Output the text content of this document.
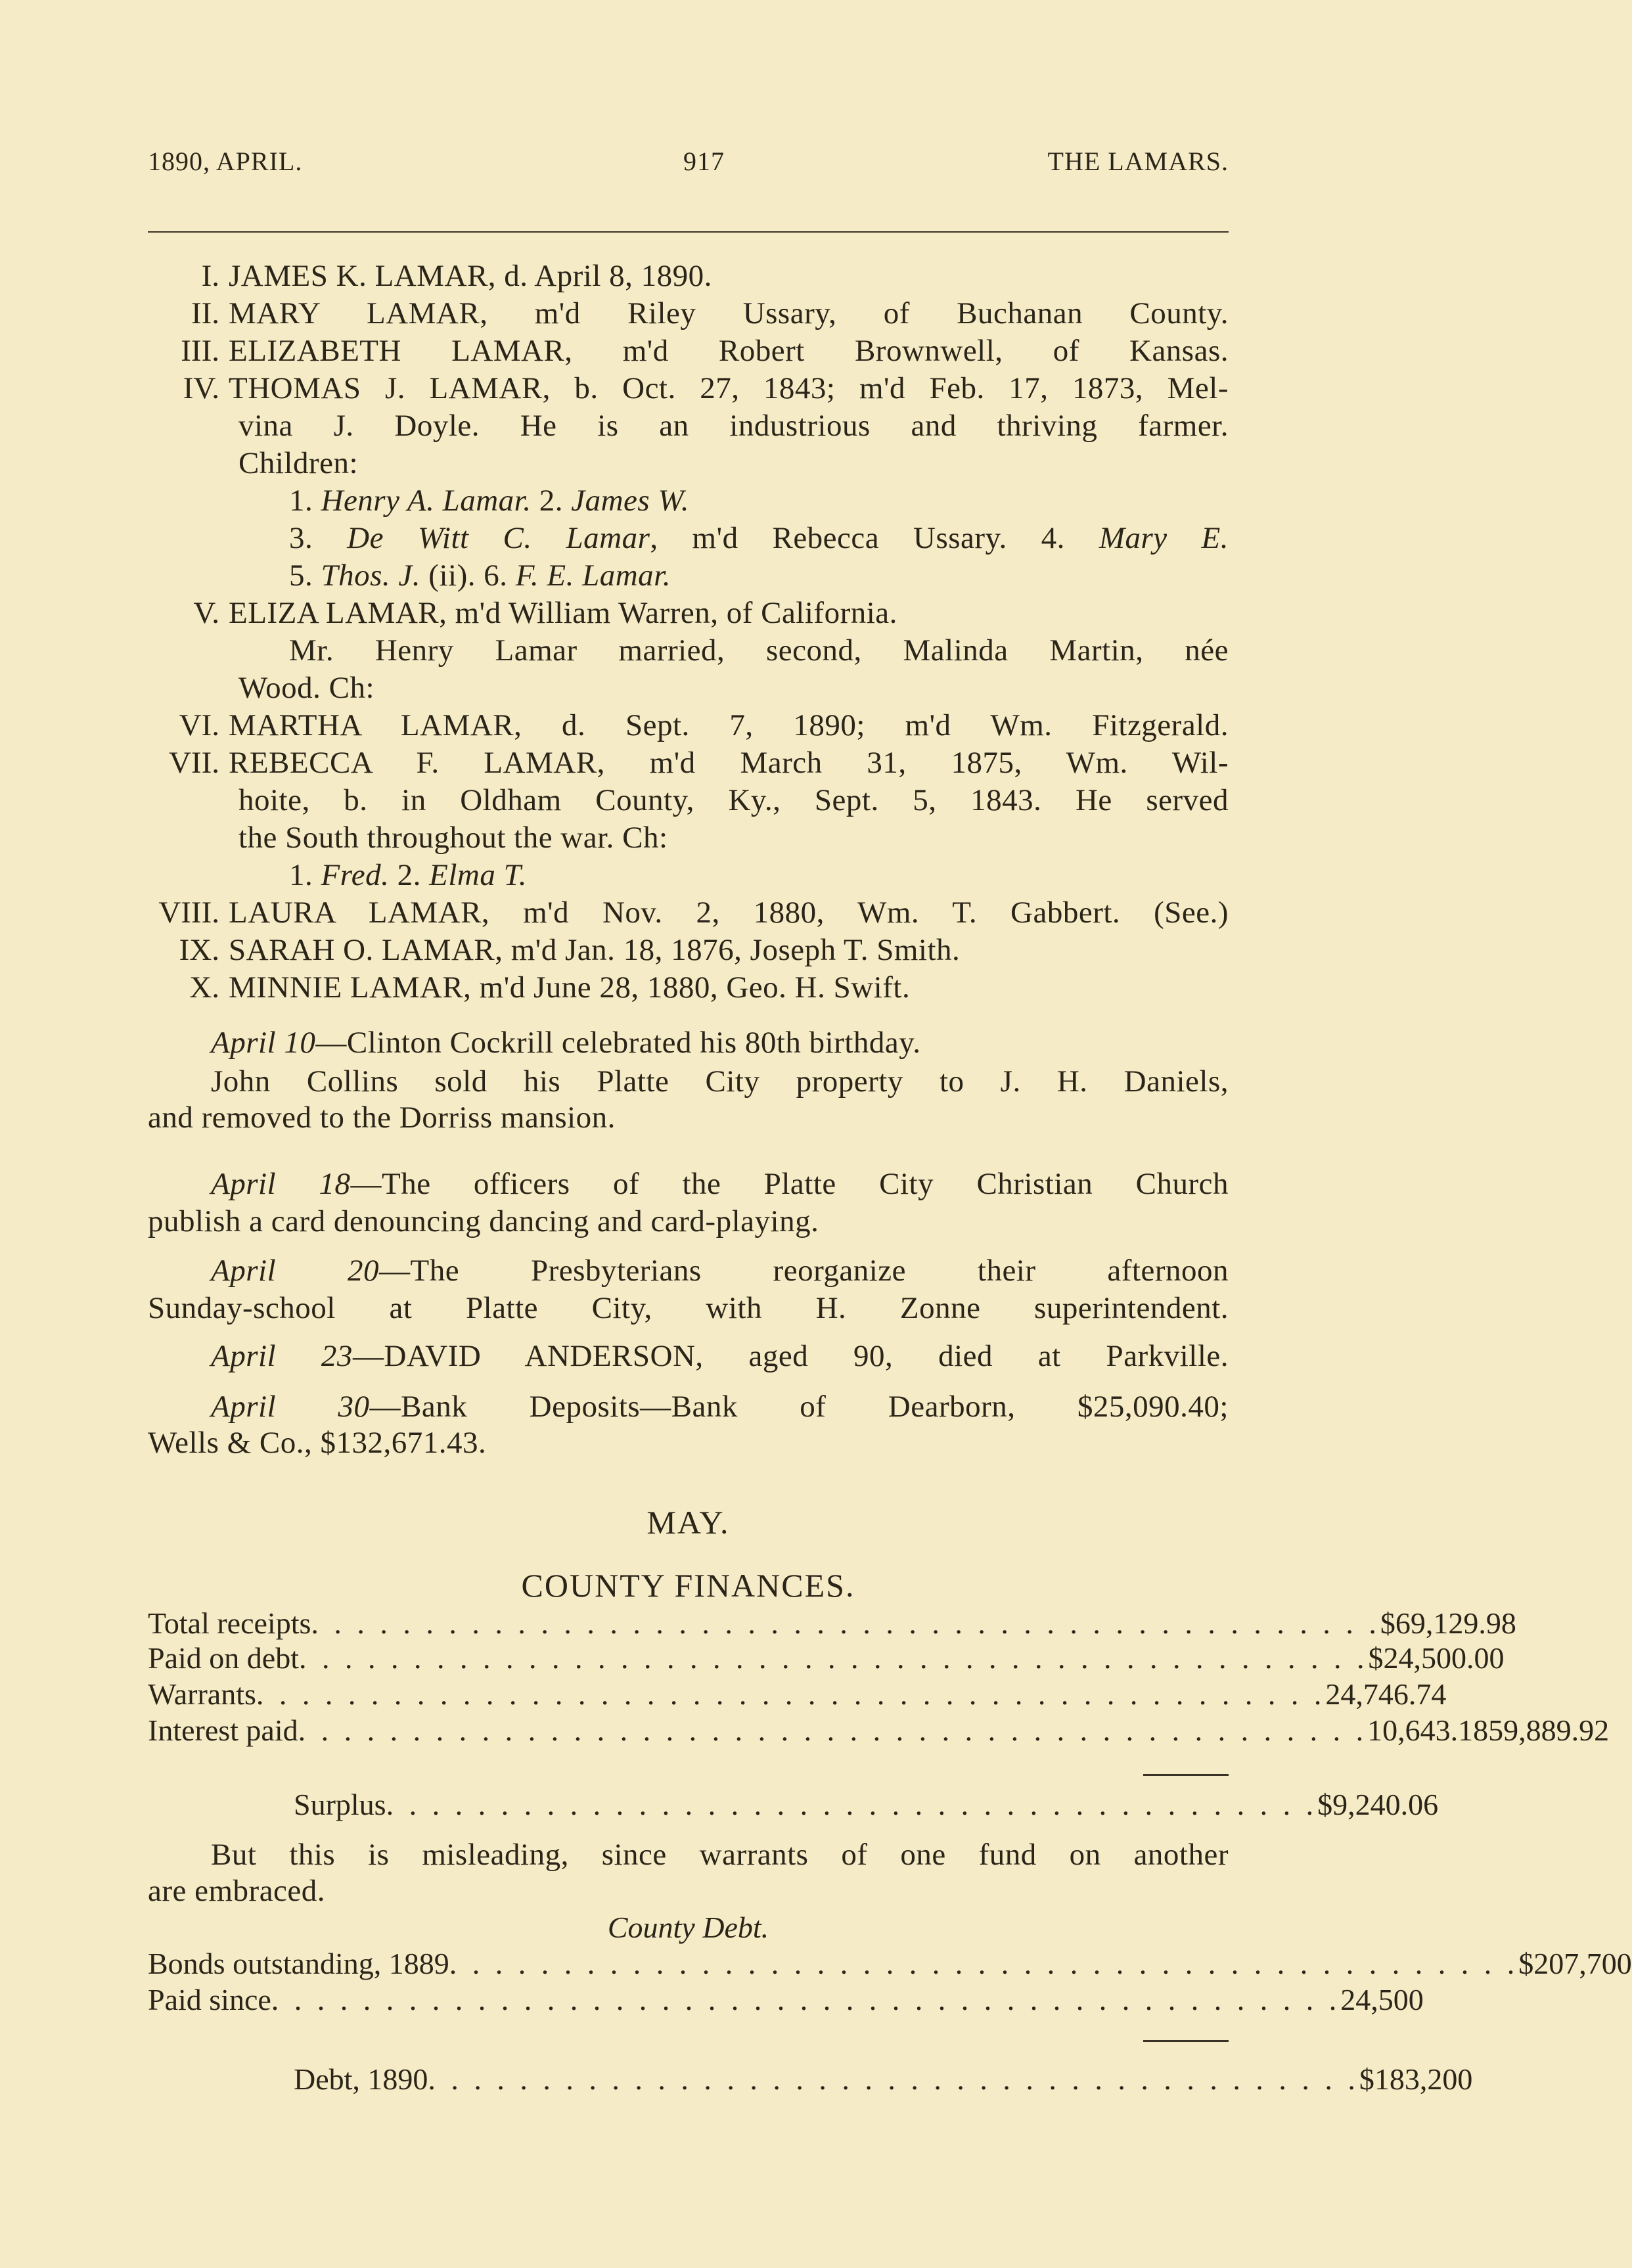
1890, APRIL.	917	THE LAMARS.
I. JAMES K. LAMAR, d. April 8, 1890.
II. MARY LAMAR, m'd Riley Ussary, of Buchanan County.
III. ELIZABETH LAMAR, m'd Robert Brownwell, of Kansas.
IV. THOMAS J. LAMAR, b. Oct. 27, 1843; m'd Feb. 17, 1873, Mel-
vina J. Doyle. He is an industrious and thriving farmer.
Children:
1. Henry A. Lamar. 2. James W.
3. De Witt C. Lamar, m'd Rebecca Ussary. 4. Mary E.
5. Thos. J. (ii). 6. F. E. Lamar.
V. ELIZA LAMAR, m'd William Warren, of California.
Mr. Henry Lamar married, second, Malinda Martin, née
Wood. Ch:
VI. MARTHA LAMAR, d. Sept. 7, 1890; m'd Wm. Fitzgerald.
VII. REBECCA F. LAMAR, m'd March 31, 1875, Wm. Wil-
hoite, b. in Oldham County, Ky., Sept. 5, 1843. He served
the South throughout the war. Ch:
1. Fred. 2. Elma T.
VIII. LAURA LAMAR, m'd Nov. 2, 1880, Wm. T. Gabbert. (See.)
IX. SARAH O. LAMAR, m'd Jan. 18, 1876, Joseph T. Smith.
X. MINNIE LAMAR, m'd June 28, 1880, Geo. H. Swift.
April 10—Clinton Cockrill celebrated his 80th birthday.
John Collins sold his Platte City property to J. H. Daniels,
and removed to the Dorriss mansion.
April 18—The officers of the Platte City Christian Church
publish a card denouncing dancing and card-playing.
April 20—The Presbyterians reorganize their afternoon
Sunday-school at Platte City, with H. Zonne superintendent.
April 23—DAVID ANDERSON, aged 90, died at Parkville.
April 30—Bank Deposits—Bank of Dearborn, $25,090.40;
Wells & Co., $132,671.43.
MAY.
COUNTY FINANCES.
Total receipts . . . . . . . . . . . . . . . . . . . . . . . . . . . . . . . . . . . . . . . . . . . . . . . $69,129.98
Paid on debt . . . . . . . . . . . . . . . . . . . . . . . . . . . . . . . . . . . . . . . . . . . . . . . $24,500.00
Warrants . . . . . . . . . . . . . . . . . . . . . . . . . . . . . . . . . . . . . . . . . . . . . . . 24,746.74
Interest paid . . . . . . . . . . . . . . . . . . . . . . . . . . . . . . . . . . . . . . . . . . . . . . . 10,643.18 59,889.92
Surplus . . . . . . . . . . . . . . . . . . . . . . . . . . . . . . . . . . . . . . . . . $9,240.06
But this is misleading, since warrants of one fund on another
are embraced.
County Debt.
Bonds outstanding, 1889 . . . . . . . . . . . . . . . . . . . . . . . . . . . . . . . . . . . . . . . . . . . . . . . $207,700
Paid since . . . . . . . . . . . . . . . . . . . . . . . . . . . . . . . . . . . . . . . . . . . . . . . 24,500
Debt, 1890 . . . . . . . . . . . . . . . . . . . . . . . . . . . . . . . . . . . . . . . . . $183,200
